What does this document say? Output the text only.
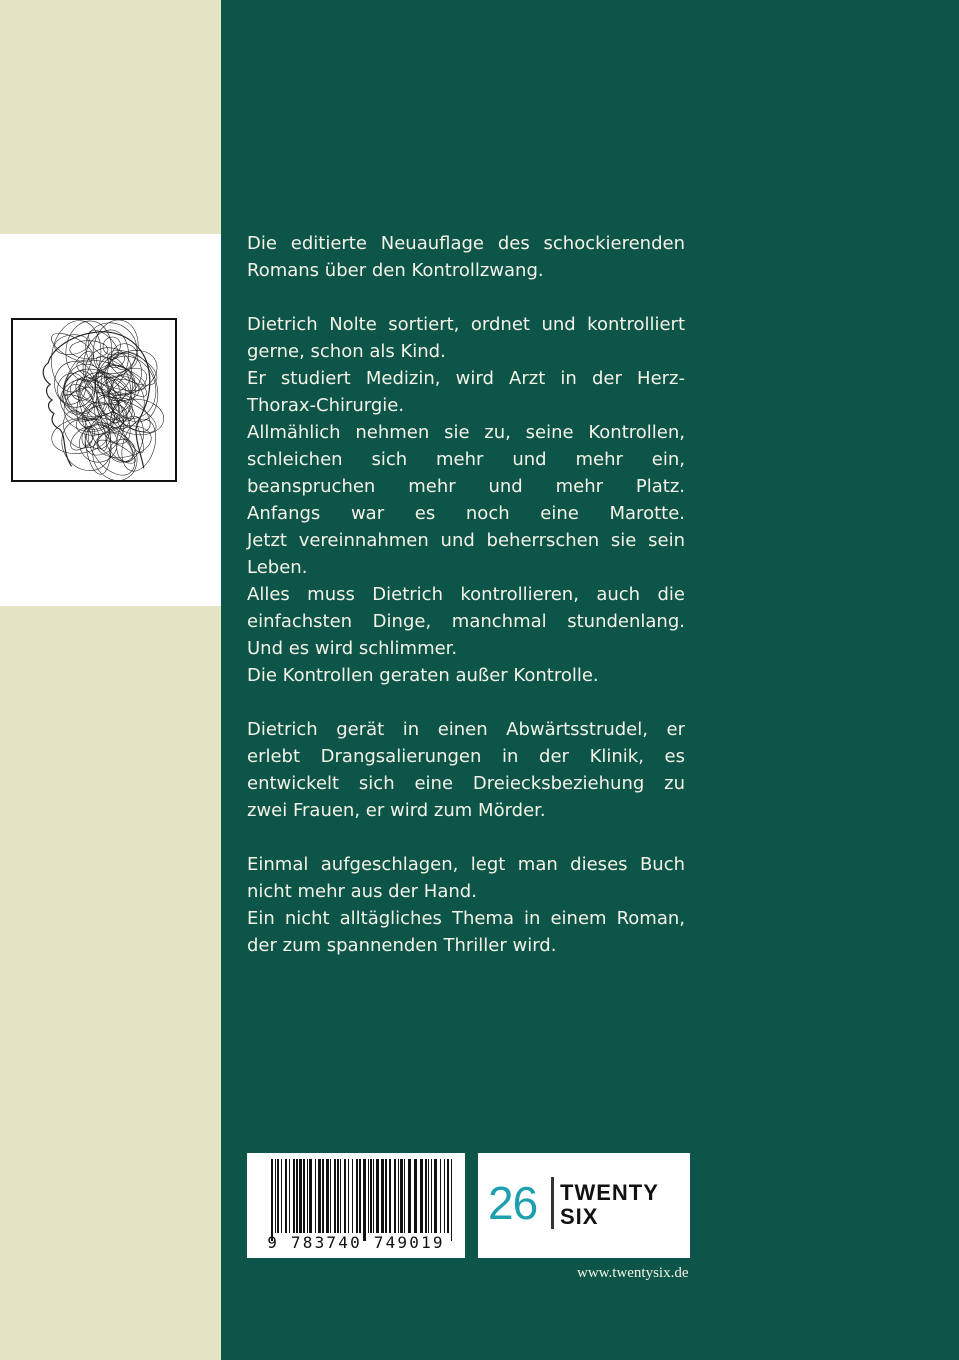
Die editierte Neuauflage des schockierenden

Romans über den Kontrollzwang.

Dietrich Nolte sortiert, ordnet und kontrolliert

gerne, schon als Kind.

Er studiert Medizin, wird Arzt in der Herz-

Thorax-Chirurgie.

Allmählich nehmen sie zu, seine Kontrollen,

schleichen sich mehr und mehr ein,

beanspruchen mehr und mehr Platz.

Anfangs war es noch eine Marotte.

Jetzt vereinnahmen und beherrschen sie sein

Leben.

Alles muss Dietrich kontrollieren, auch die

einfachsten Dinge, manchmal stundenlang.

Und es wird schlimmer.

Die Kontrollen geraten außer Kontrolle.

Dietrich gerät in einen Abwärtsstrudel, er

erlebt Drangsalierungen in der Klinik, es

entwickelt sich eine Dreiecksbeziehung zu

zwei Frauen, er wird zum Mörder.

Einmal aufgeschlagen, legt man dieses Buch

nicht mehr aus der Hand.

Ein nicht alltägliches Thema in einem Roman,

der zum spannenden Thriller wird.

9 783740 749019
26 TWENTY
SIX
www.twentysix.de
